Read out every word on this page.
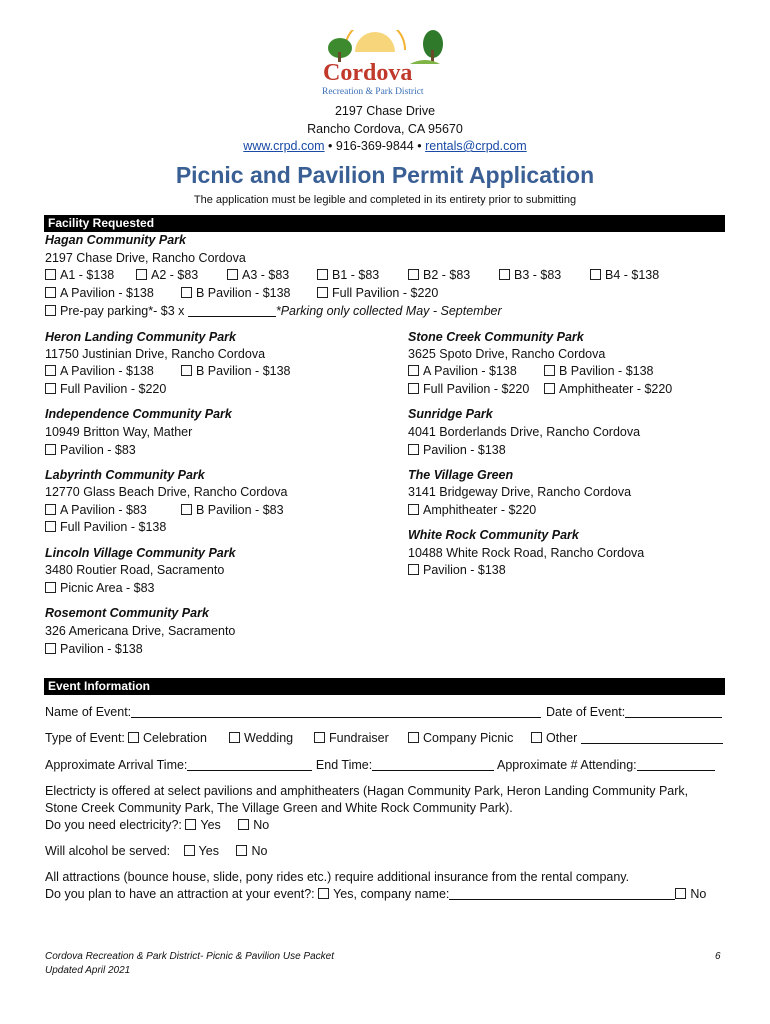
Cordova
Recreation & Park District
2197 Chase Drive
Rancho Cordova, CA 95670
www.crpd.com • 916-369-9844 • rentals@crpd.com
Picnic and Pavilion Permit Application
The application must be legible and completed in its entirety prior to submitting
Facility Requested
Hagan Community Park
2197 Chase Drive, Rancho Cordova
A1 - $138	A2 - $83	A3 - $83	B1 - $83	B2 - $83	B3 - $83	B4 - $138
A Pavilion - $138	B Pavilion - $138	Full Pavilion - $220
Pre-pay parking*- $3 x	*Parking only collected May - September
Heron Landing Community Park
11750 Justinian Drive, Rancho Cordova
A Pavilion - $138	B Pavilion - $138
Full Pavilion - $220
Independence Community Park
10949 Britton Way, Mather
Pavilion - $83
Labyrinth Community Park
12770 Glass Beach Drive, Rancho Cordova
A Pavilion - $83	B Pavilion - $83
Full Pavilion - $138
Lincoln Village Community Park
3480 Routier Road, Sacramento
Picnic Area - $83
Rosemont Community Park
326 Americana Drive, Sacramento
Pavilion - $138
Stone Creek Community Park
3625 Spoto Drive, Rancho Cordova
A Pavilion - $138	B Pavilion - $138
Full Pavilion - $220	Amphitheater - $220
Sunridge Park
4041 Borderlands Drive, Rancho Cordova
Pavilion - $138
The Village Green
3141 Bridgeway Drive, Rancho Cordova
Amphitheater - $220
White Rock Community Park
10488 White Rock Road, Rancho Cordova
Pavilion - $138
Event Information
Name of Event:	Date of Event:
Type of Event:	Celebration	Wedding	Fundraiser	Company Picnic	Other
Approximate Arrival Time:	End Time:	Approximate # Attending:
Electricty is offered at select pavilions and amphitheaters (Hagan Community Park, Heron Landing Community Park,
Stone Creek Community Park, The Village Green and White Rock Community Park).
Do you need electricity?: Yes	No
Will alcohol be served: Yes	No
All attractions (bounce house, slide, pony rides etc.) require additional insurance from the rental company.
Do you plan to have an attraction at your event?: Yes, company name:	No
Cordova Recreation & Park District- Picnic & Pavilion Use Packet
Updated April 2021
6
